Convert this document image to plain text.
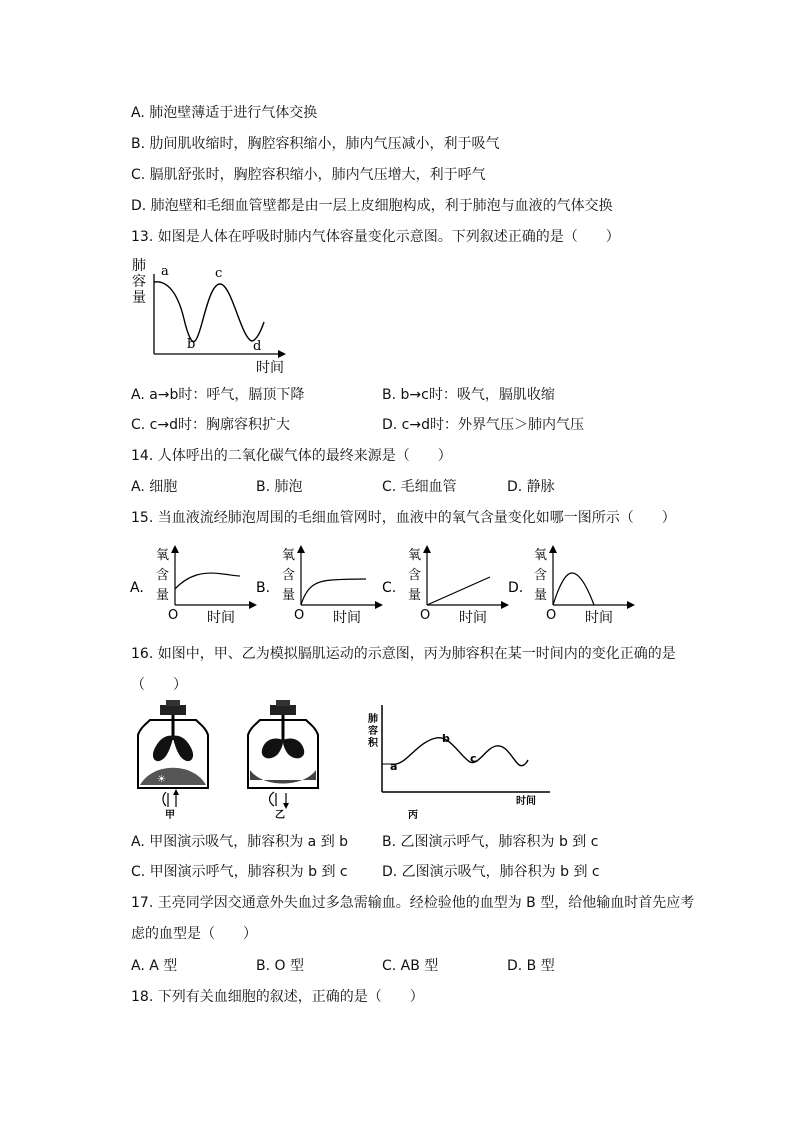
A. 肺泡壁薄适于进行气体交换
B. 肋间肌收缩时，胸腔容积缩小，肺内气压减小，利于吸气
C. 膈肌舒张时，胸腔容积缩小，肺内气压增大，利于呼气
D. 肺泡壁和毛细血管壁都是由一层上皮细胞构成，利于肺泡与血液的气体交换
13. 如图是人体在呼吸时肺内气体容量变化示意图。下列叙述正确的是（　　）
肺
容
量
a
b
c
d
时间
A. a→b时：呼气，膈顶下降	B. b→c时：吸气，膈肌收缩
C. c→d时：胸廓容积扩大	D. c→d时：外界气压＞肺内气压
14. 人体呼出的二氧化碳气体的最终来源是（　　）
A. 细胞	B. 肺泡	C. 毛细血管	D. 静脉
15. 当血液流经肺泡周围的毛细血管网时，血液中的氧气含量变化如哪一图所示（　　）
A.
氧
含
量
O 时间
B.
氧
含
量
O 时间
C.
氧
含
量
O 时间
D.
氧
含
量
O 时间
16. 如图中，甲、乙为模拟膈肌运动的示意图，丙为肺容积在某一时间内的变化正确的是
（　　）
☀
甲	乙
肺
容
积
a
b
c
时间
丙
A. 甲图演示吸气，肺容积为 a 到 b B. 乙图演示呼气，肺容积为 b 到 c
C. 甲图演示呼气，肺容积为 b 到 c D. 乙图演示吸气，肺谷积为 b 到 c
17. 王亮同学因交通意外失血过多急需输血。经检验他的血型为 B 型，给他输血时首先应考
虑的血型是（　　）
A. A 型	B. O 型	C. AB 型	D. B 型
18. 下列有关血细胞的叙述，正确的是（　　）
